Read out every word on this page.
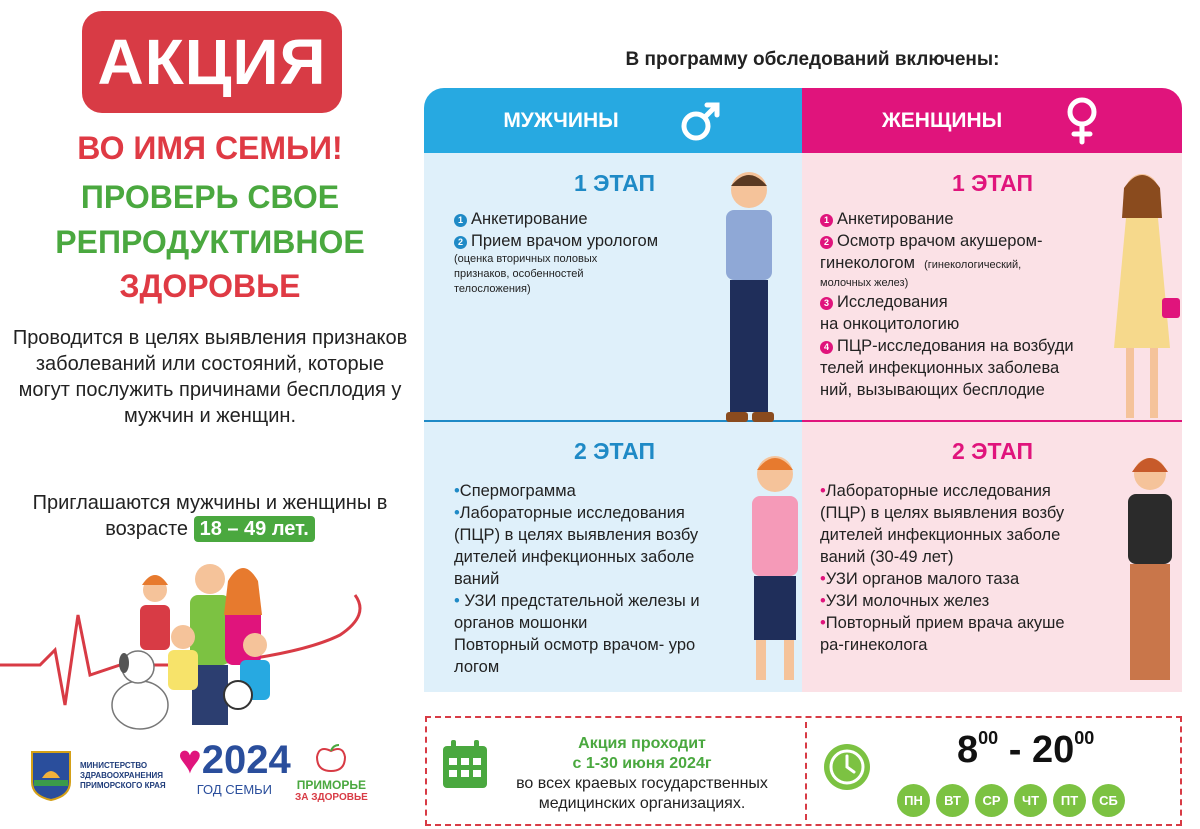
АКЦИЯ
ВО ИМЯ СЕМЬИ!
ПРОВЕРЬ СВОЕ
РЕПРОДУКТИВНОЕ
ЗДОРОВЬЕ
Проводится в целях выявления признаков заболеваний или состояний, которые могут послужить причинами бесплодия у мужчин и женщин.
Приглашаются мужчины и женщины в возрасте 18 – 49 лет.
МИНИСТЕРСТВО
ЗДРАВООХРАНЕНИЯ
ПРИМОРСКОГО КРАЯ
♥2024
ГОД СЕМЬИ	ПРИМОРЬЕ
ЗА ЗДОРОВЬЕ
В программу обследований включены:
МУЖЧИНЫ	ЖЕНЩИНЫ
1 ЭТАП	1 ЭТАП
2 ЭТАП	2 ЭТАП
1 Анкетирование
2 Прием врачом урологом
(оценка вторичных половых
признаков, особенностей
телосложения)
1 Анкетирование
2 Осмотр врачом акушером-
гинекологом (гинекологический,
молочных желез)
3 Исследования
на онкоцитологию
4 ПЦР-исследования на возбуди
телей инфекционных заболева
ний, вызывающих бесплодие
•Спермограмма
•Лабораторные исследования
(ПЦР) в целях выявления возбу
дителей инфекционных заболе
ваний
• УЗИ предстательной железы и
органов мошонки
Повторный осмотр врачом- уро
логом
•Лабораторные исследования
(ПЦР) в целях выявления возбу
дителей инфекционных заболе
ваний (30-49 лет)
•УЗИ органов малого таза
•УЗИ молочных желез
•Повторный прием врача акуше
ра-гинеколога
Акция проходит
с 1-30 июня 2024г
во всех краевых государственных медицинских организациях.
$8^{00} - 20^{00}$
ПН	ВТ	СР	ЧТ	ПТ	СБ
